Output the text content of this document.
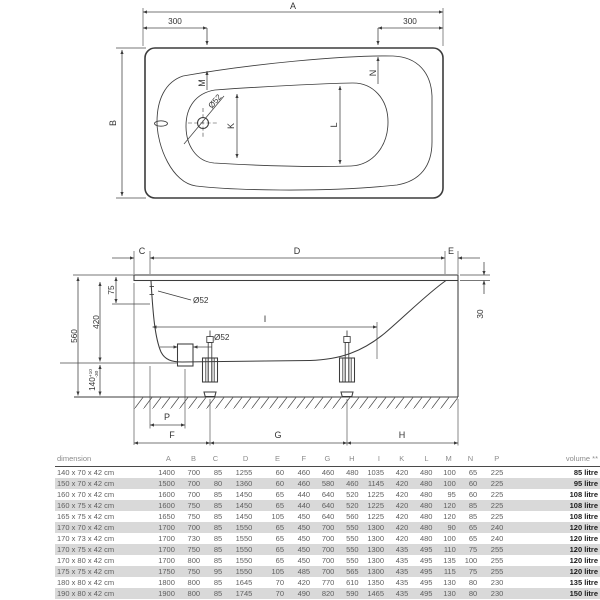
A
300	300
B
Ø52
M
N
K	L
C	D	E
560
420
75
$140^{+10}-30$
30
Ø52
I
Ø52
P
F	G	H
dimension	A	B	C	D	E	F	G	H	I	K	L	M	N	P	volume **
140 x 70 x 42 cm	1400	700	85	1255	60	460	460	480	1035	420	480	100	65	225	85 litre
150 x 70 x 42 cm	1500	700	80	1360	60	460	580	460	1145	420	480	100	60	225	95 litre
160 x 70 x 42 cm	1600	700	85	1450	65	440	640	520	1225	420	480	95	60	225	108 litre
160 x 75 x 42 cm	1600	750	85	1450	65	440	640	520	1225	420	480	120	85	225	108 litre
165 x 75 x 42 cm	1650	750	85	1450	105	450	640	560	1225	420	480	120	85	225	108 litre
170 x 70 x 42 cm	1700	700	85	1550	65	450	700	550	1300	420	480	90	65	240	120 litre
170 x 73 x 42 cm	1700	730	85	1550	65	450	700	550	1300	420	480	100	65	240	120 litre
170 x 75 x 42 cm	1700	750	85	1550	65	450	700	550	1300	435	495	110	75	255	120 litre
170 x 80 x 42 cm	1700	800	85	1550	65	450	700	550	1300	435	495	135	100	255	120 litre
175 x 75 x 42 cm	1750	750	95	1550	105	485	700	565	1300	435	495	115	75	255	120 litre
180 x 80 x 42 cm	1800	800	85	1645	70	420	770	610	1350	435	495	130	80	230	135 litre
190 x 80 x 42 cm	1900	800	85	1745	70	490	820	590	1465	435	495	130	80	230	150 litre
